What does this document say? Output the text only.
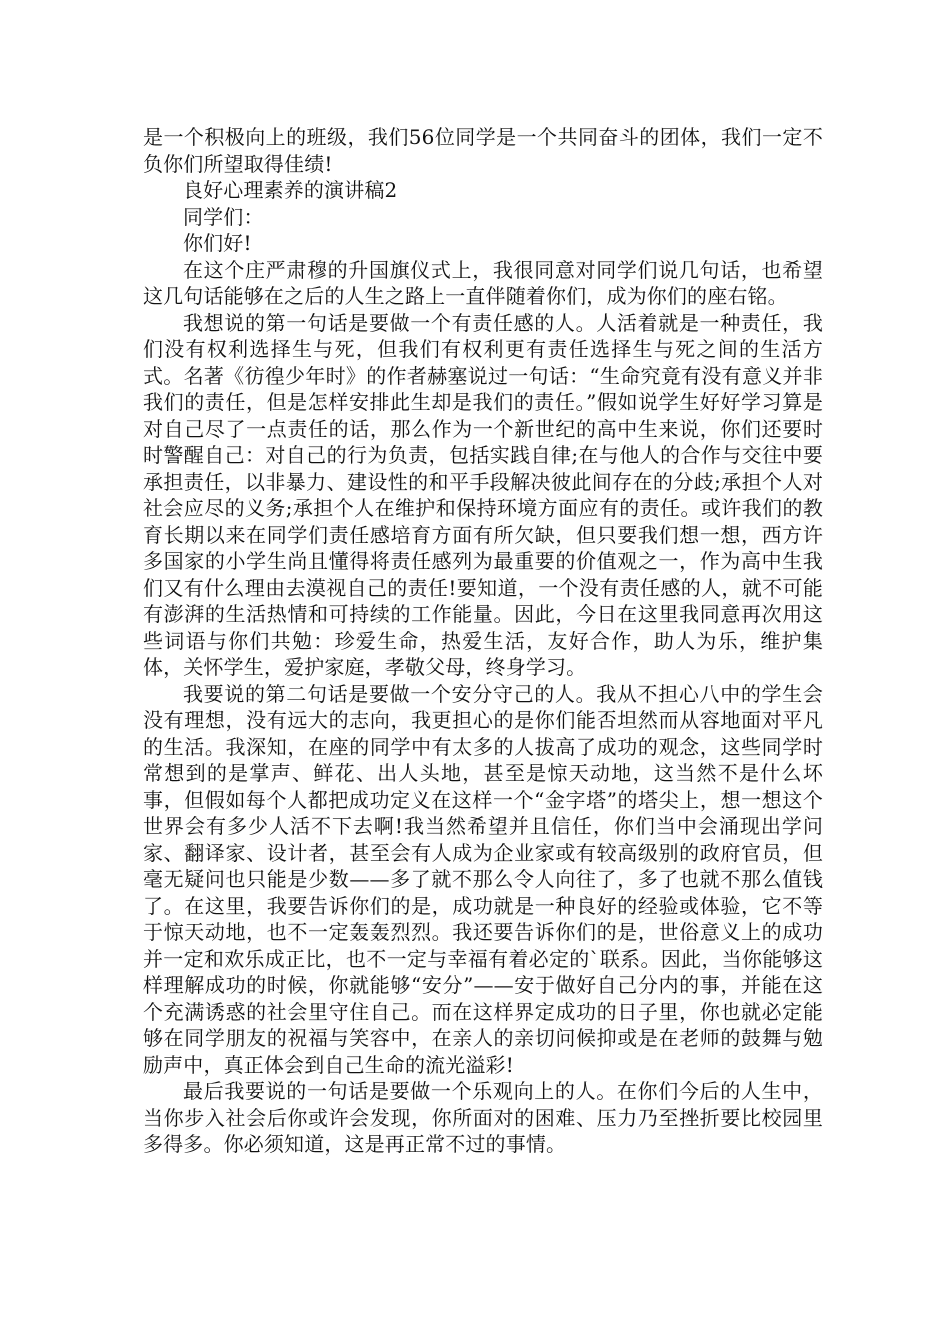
是一个积极向上的班级，我们56位同学是一个共同奋斗的团体，我们一定不负你们所望取得佳绩!

良好心理素养的演讲稿2

同学们：

你们好!

在这个庄严肃穆的升国旗仪式上，我很同意对同学们说几句话，也希望这几句话能够在之后的人生之路上一直伴随着你们，成为你们的座右铭。

我想说的第一句话是要做一个有责任感的人。人活着就是一种责任，我们没有权利选择生与死，但我们有权利更有责任选择生与死之间的生活方式。名著《彷徨少年时》的作者赫塞说过一句话：“生命究竟有没有意义并非我们的责任，但是怎样安排此生却是我们的责任。”假如说学生好好学习算是对自己尽了一点责任的话，那么作为一个新世纪的高中生来说，你们还要时时警醒自己：对自己的行为负责，包括实践自律;在与他人的合作与交往中要承担责任，以非暴力、建设性的和平手段解决彼此间存在的分歧;承担个人对社会应尽的义务;承担个人在维护和保持环境方面应有的责任。或许我们的教育长期以来在同学们责任感培育方面有所欠缺，但只要我们想一想，西方许多国家的小学生尚且懂得将责任感列为最重要的价值观之一，作为高中生我们又有什么理由去漠视自己的责任!要知道，一个没有责任感的人，就不可能有澎湃的生活热情和可持续的工作能量。因此，今日在这里我同意再次用这些词语与你们共勉：珍爱生命，热爱生活，友好合作，助人为乐，维护集体，关怀学生，爱护家庭，孝敬父母，终身学习。

我要说的第二句话是要做一个安分守己的人。我从不担心八中的学生会没有理想，没有远大的志向，我更担心的是你们能否坦然而从容地面对平凡的生活。我深知，在座的同学中有太多的人拔高了成功的观念，这些同学时常想到的是掌声、鲜花、出人头地，甚至是惊天动地，这当然不是什么坏事，但假如每个人都把成功定义在这样一个“金字塔”的塔尖上，想一想这个世界会有多少人活不下去啊!我当然希望并且信任，你们当中会涌现出学问家、翻译家、设计者，甚至会有人成为企业家或有较高级别的政府官员，但毫无疑问也只能是少数——多了就不那么令人向往了，多了也就不那么值钱了。在这里，我要告诉你们的是，成功就是一种良好的经验或体验，它不等于惊天动地，也不一定轰轰烈烈。我还要告诉你们的是，世俗意义上的成功并一定和欢乐成正比，也不一定与幸福有着必定的`联系。因此，当你能够这样理解成功的时候，你就能够“安分”——安于做好自己分内的事，并能在这个充满诱惑的社会里守住自己。而在这样界定成功的日子里，你也就必定能够在同学朋友的祝福与笑容中，在亲人的亲切问候抑或是在老师的鼓舞与勉励声中，真正体会到自己生命的流光溢彩!

最后我要说的一句话是要做一个乐观向上的人。在你们今后的人生中，当你步入社会后你或许会发现，你所面对的困难、压力乃至挫折要比校园里多得多。你必须知道，这是再正常不过的事情。
